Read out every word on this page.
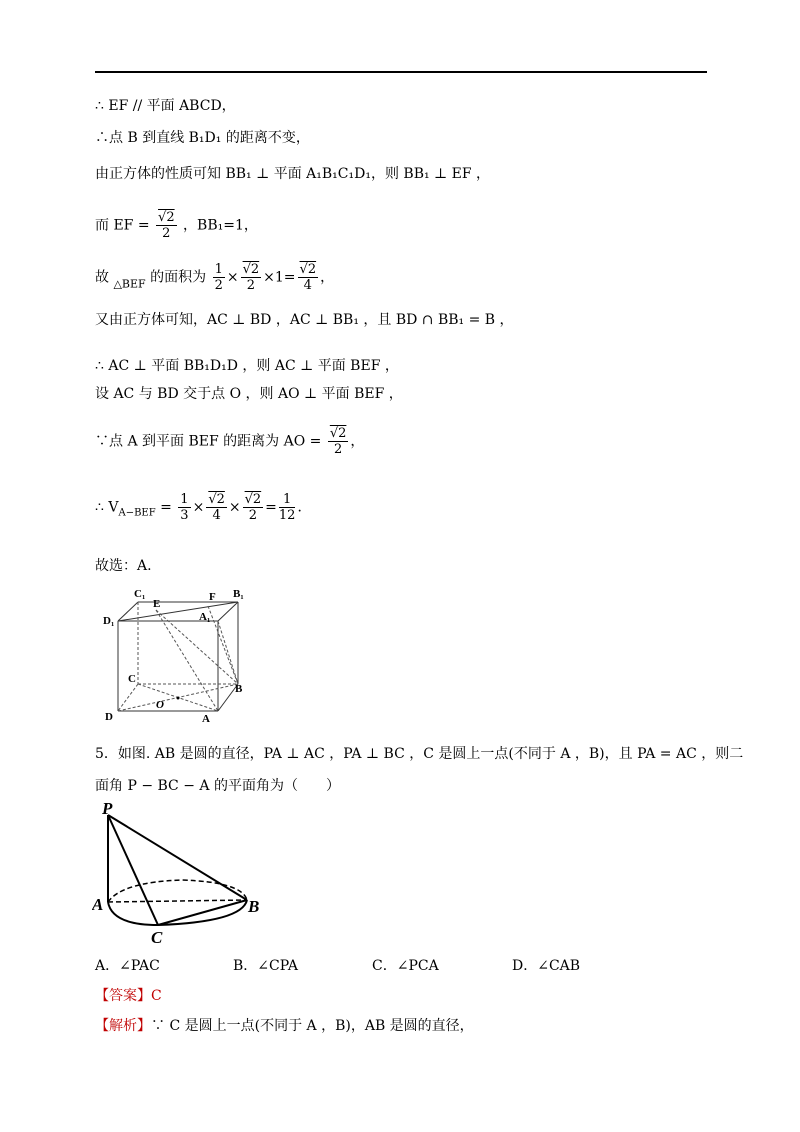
∴ EF // 平面 ABCD，
∴点 B 到直线 B₁D₁ 的距离不变，
由正方体的性质可知 BB₁ ⊥ 平面 A₁B₁C₁D₁，则 BB₁ ⊥ EF ，
而 EF = $\frac{√2}{2}$ ，BB₁=1，
故 $_{\triangle BEF}$ 的面积为 $\frac{1}{2} \times \frac{√2}{2} \times 1= \frac{√2}{4}$ ，
又由正方体可知，AC ⊥ BD ，AC ⊥ BB₁ ，且 BD ∩ BB₁ = B ，
∴ AC ⊥ 平面 BB₁D₁D ，则 AC ⊥ 平面 BEF ，
设 AC 与 BD 交于点 O ，则 AO ⊥ 平面 BEF ，
∵点 A 到平面 BEF 的距离为 AO = $\frac{√2}{2}$ ，
∴ $V_{A-BEF} = \frac{1}{3} \times \frac{√2}{4} \times \frac{√2}{2} = \frac{1}{12}$ ．
故选：A.
C₁
E
F B₁
D₁	A₁
C
B
O
D	A
5．如图. AB 是圆的直径，PA ⊥ AC ，PA ⊥ BC ，C 是圆上一点(不同于 A ，B)，且 PA = AC ，则二
面角 P − BC − A 的平面角为（　　）
P
A	B
C
A．∠PAC	B．∠CPA	C．∠PCA	D．∠CAB
【答案】C
【解析】∵ C 是圆上一点(不同于 A ，B)，AB 是圆的直径，
